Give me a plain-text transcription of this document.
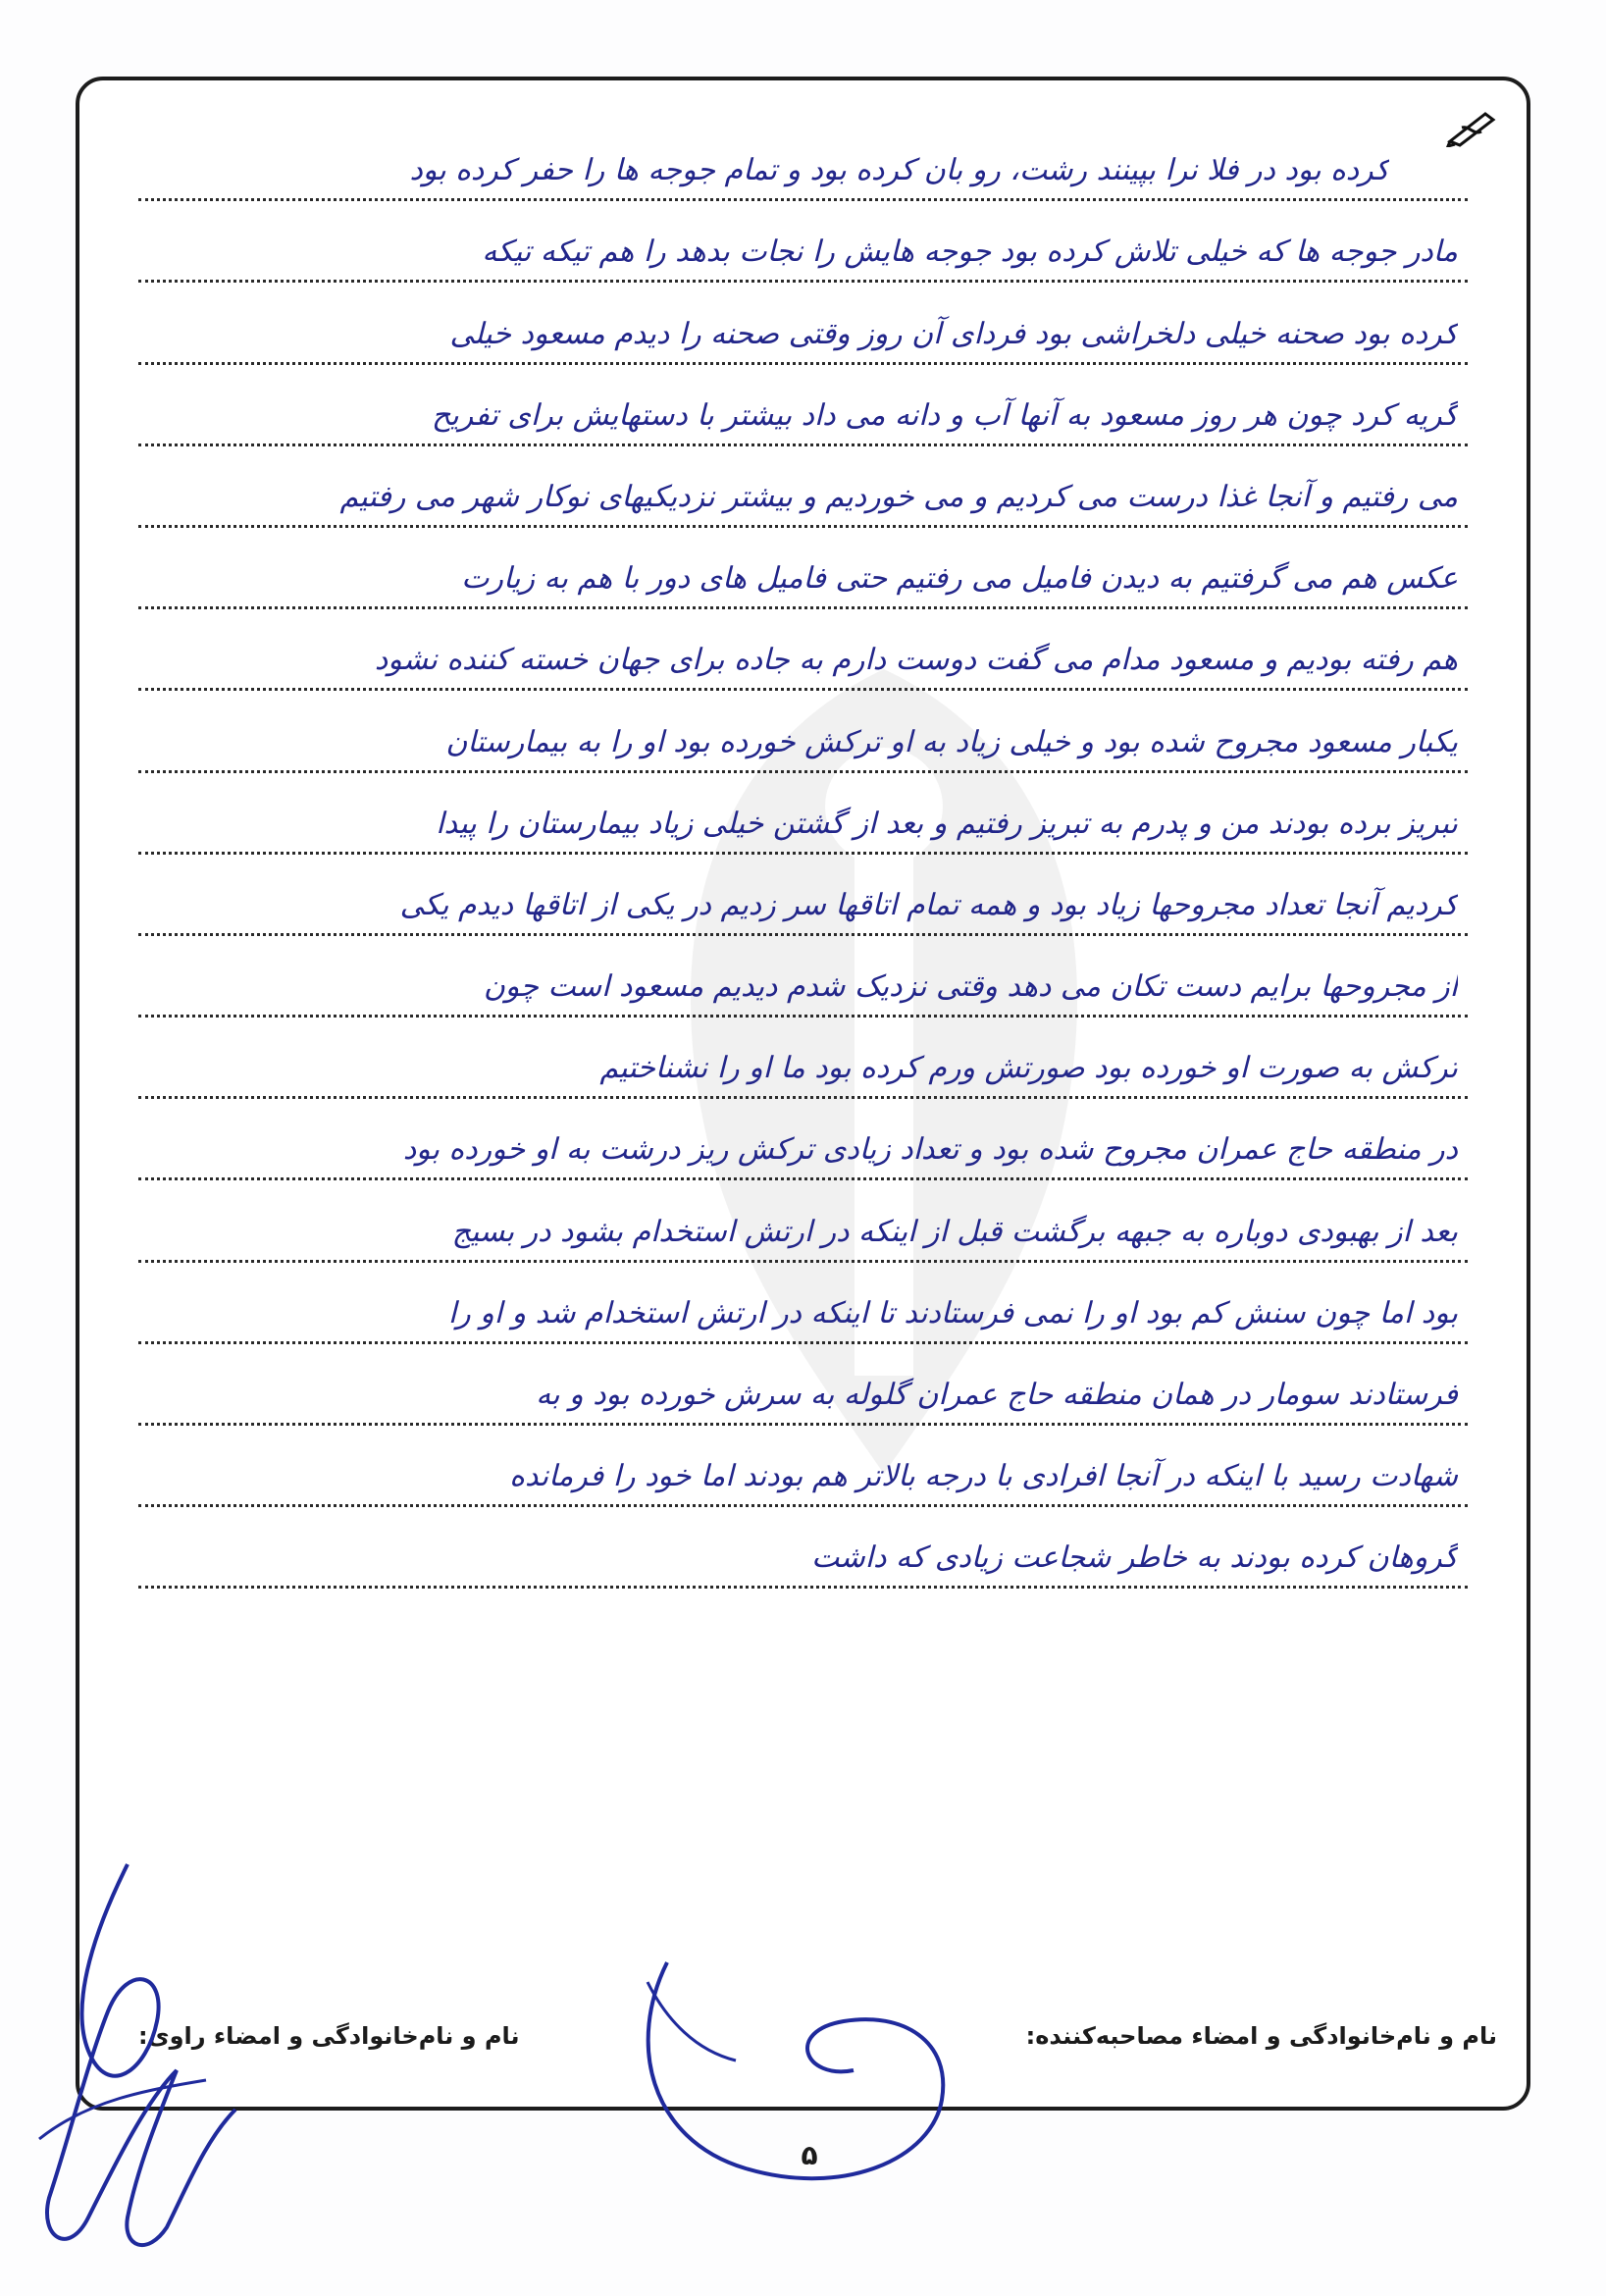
کرده بود در فلا نرا بپینند رشت، رو بان کرده بود و تمام جوجه ها را حفر کرده بود
مادر جوجه ها که خیلی تلاش کرده بود جوجه هایش را نجات بدهد را هم تیکه تیکه
کرده بود صحنه خیلی دلخراشی بود فردای آن روز وقتی صحنه را دیدم مسعود خیلی
گریه کرد چون هر روز مسعود به آنها آب و دانه می داد بیشتر با دستهایش برای تفریح
می رفتیم و آنجا غذا درست می کردیم و می خوردیم و بیشتر نزدیکیهای نوکار شهر می رفتیم
عکس هم می گرفتیم به دیدن فامیل می رفتیم حتی فامیل های دور با هم به زیارت
هم رفته بودیم و مسعود مدام می گفت دوست دارم به جاده برای جهان خسته کننده نشود
یکبار مسعود مجروح شده بود و خیلی زیاد به او ترکش خورده بود او را به بیمارستان
تبریز برده بودند من و پدرم به تبریز رفتیم و بعد از گشتن خیلی زیاد بیمارستان را پیدا
کردیم آنجا تعداد مجروحها زیاد بود و همه تمام اتاقها سر زدیم در یکی از اتاقها دیدم یکی
از مجروحها برایم دست تکان می دهد وقتی نزدیک شدم دیدیم مسعود است چون
ترکش به صورت او خورده بود صورتش ورم کرده بود ما او را نشناختیم
در منطقه حاج عمران مجروح شده بود و تعداد زیادی ترکش ریز درشت به او خورده بود
بعد از بهبودی دوباره به جبهه برگشت قبل از اینکه در ارتش استخدام بشود در بسیج
بود اما چون سنش کم بود او را نمی فرستادند تا اینکه در ارتش استخدام شد و او را
فرستادند سومار در همان منطقه حاج عمران گلوله به سرش خورده بود و به
شهادت رسید با اینکه در آنجا افرادی با درجه بالاتر هم بودند اما خود را فرمانده
گروهان کرده بودند به خاطر شجاعت زیادی که داشت
نام و نام‌خانوادگی و امضاء مصاحبه‌کننده:
نام و نام‌خانوادگی و امضاء راوی:
۵
